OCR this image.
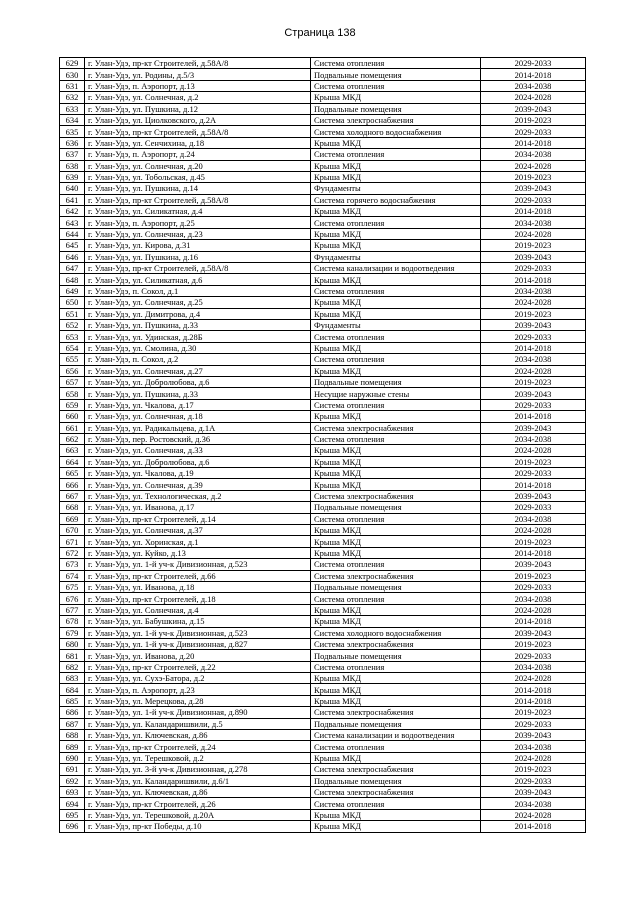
Страница 138
629	г. Улан-Удэ, пр-кт Строителей, д.58А/8	Система отопления	2029-2033
630	г. Улан-Удэ, ул. Родины, д.5/3	Подвальные помещения	2014-2018
631	г. Улан-Удэ, п. Аэропорт, д.13	Система отопления	2034-2038
632	г. Улан-Удэ, ул. Солнечная, д.2	Крыша МКД	2024-2028
633	г. Улан-Удэ, ул. Пушкина, д.12	Подвальные помещения	2039-2043
634	г. Улан-Удэ, ул. Циолковского, д.2А	Система электроснабжения	2019-2023
635	г. Улан-Удэ, пр-кт Строителей, д.58А/8	Система холодного водоснабжения	2029-2033
636	г. Улан-Удэ, ул. Сенчихина, д.18	Крыша МКД	2014-2018
637	г. Улан-Удэ, п. Аэропорт, д.24	Система отопления	2034-2038
638	г. Улан-Удэ, ул. Солнечная, д.20	Крыша МКД	2024-2028
639	г. Улан-Удэ, ул. Тобольская, д.45	Крыша МКД	2019-2023
640	г. Улан-Удэ, ул. Пушкина, д.14	Фундаменты	2039-2043
641	г. Улан-Удэ, пр-кт Строителей, д.58А/8	Система горячего водоснабжения	2029-2033
642	г. Улан-Удэ, ул. Силикатная, д.4	Крыша МКД	2014-2018
643	г. Улан-Удэ, п. Аэропорт, д.25	Система отопления	2034-2038
644	г. Улан-Удэ, ул. Солнечная, д.23	Крыша МКД	2024-2028
645	г. Улан-Удэ, ул. Кирова, д.31	Крыша МКД	2019-2023
646	г. Улан-Удэ, ул. Пушкина, д.16	Фундаменты	2039-2043
647	г. Улан-Удэ, пр-кт Строителей, д.58А/8	Система канализации и водоотведения	2029-2033
648	г. Улан-Удэ, ул. Силикатная, д.6	Крыша МКД	2014-2018
649	г. Улан-Удэ, п. Сокол, д.1	Система отопления	2034-2038
650	г. Улан-Удэ, ул. Солнечная, д.25	Крыша МКД	2024-2028
651	г. Улан-Удэ, ул. Димитрова, д.4	Крыша МКД	2019-2023
652	г. Улан-Удэ, ул. Пушкина, д.33	Фундаменты	2039-2043
653	г. Улан-Удэ, ул. Удинская, д.28Б	Система отопления	2029-2033
654	г. Улан-Удэ, ул. Смолина, д.30	Крыша МКД	2014-2018
655	г. Улан-Удэ, п. Сокол, д.2	Система отопления	2034-2038
656	г. Улан-Удэ, ул. Солнечная, д.27	Крыша МКД	2024-2028
657	г. Улан-Удэ, ул. Добролюбова, д.6	Подвальные помещения	2019-2023
658	г. Улан-Удэ, ул. Пушкина, д.33	Несущие наружные стены	2039-2043
659	г. Улан-Удэ, ул. Чкалова, д.17	Система отопления	2029-2033
660	г. Улан-Удэ, ул. Солнечная, д.18	Крыша МКД	2014-2018
661	г. Улан-Удэ, ул. Радикальцева, д.1А	Система электроснабжения	2039-2043
662	г. Улан-Удэ, пер. Ростовский, д.36	Система отопления	2034-2038
663	г. Улан-Удэ, ул. Солнечная, д.33	Крыша МКД	2024-2028
664	г. Улан-Удэ, ул. Добролюбова, д.6	Крыша МКД	2019-2023
665	г. Улан-Удэ, ул. Чкалова, д.19	Крыша МКД	2029-2033
666	г. Улан-Удэ, ул. Солнечная, д.39	Крыша МКД	2014-2018
667	г. Улан-Удэ, ул. Технологическая, д.2	Система электроснабжения	2039-2043
668	г. Улан-Удэ, ул. Иванова, д.17	Подвальные помещения	2029-2033
669	г. Улан-Удэ, пр-кт Строителей, д.14	Система отопления	2034-2038
670	г. Улан-Удэ, ул. Солнечная, д.37	Крыша МКД	2024-2028
671	г. Улан-Удэ, ул. Хоринская, д.1	Крыша МКД	2019-2023
672	г. Улан-Удэ, ул. Куйко, д.13	Крыша МКД	2014-2018
673	г. Улан-Удэ, ул. 1-й уч-к Дивизионная, д.523	Система отопления	2039-2043
674	г. Улан-Удэ, пр-кт Строителей, д.66	Система электроснабжения	2019-2023
675	г. Улан-Удэ, ул. Иванова, д.18	Подвальные помещения	2029-2033
676	г. Улан-Удэ, пр-кт Строителей, д.18	Система отопления	2034-2038
677	г. Улан-Удэ, ул. Солнечная, д.4	Крыша МКД	2024-2028
678	г. Улан-Удэ, ул. Бабушкина, д.15	Крыша МКД	2014-2018
679	г. Улан-Удэ, ул. 1-й уч-к Дивизионная, д.523	Система холодного водоснабжения	2039-2043
680	г. Улан-Удэ, ул. 1-й уч-к Дивизионная, д.827	Система электроснабжения	2019-2023
681	г. Улан-Удэ, ул. Иванова, д.20	Подвальные помещения	2029-2033
682	г. Улан-Удэ, пр-кт Строителей, д.22	Система отопления	2034-2038
683	г. Улан-Удэ, ул. Сухэ-Батора, д.2	Крыша МКД	2024-2028
684	г. Улан-Удэ, п. Аэропорт, д.23	Крыша МКД	2014-2018
685	г. Улан-Удэ, ул. Мерецкова, д.28	Крыша МКД	2014-2018
686	г. Улан-Удэ, ул. 1-й уч-к Дивизионная, д.890	Система электроснабжения	2019-2023
687	г. Улан-Удэ, ул. Каландаришвили, д.5	Подвальные помещения	2029-2033
688	г. Улан-Удэ, ул. Ключевская, д.86	Система канализации и водоотведения	2039-2043
689	г. Улан-Удэ, пр-кт Строителей, д.24	Система отопления	2034-2038
690	г. Улан-Удэ, ул. Терешковой, д.2	Крыша МКД	2024-2028
691	г. Улан-Удэ, ул. 3-й уч-к Дивизионная, д.278	Система электроснабжения	2019-2023
692	г. Улан-Удэ, ул. Каландаришвили, д.6/1	Подвальные помещения	2029-2033
693	г. Улан-Удэ, ул. Ключевская, д.86	Система электроснабжения	2039-2043
694	г. Улан-Удэ, пр-кт Строителей, д.26	Система отопления	2034-2038
695	г. Улан-Удэ, ул. Терешковой, д.20А	Крыша МКД	2024-2028
696	г. Улан-Удэ, пр-кт Победы, д.10	Крыша МКД	2014-2018
